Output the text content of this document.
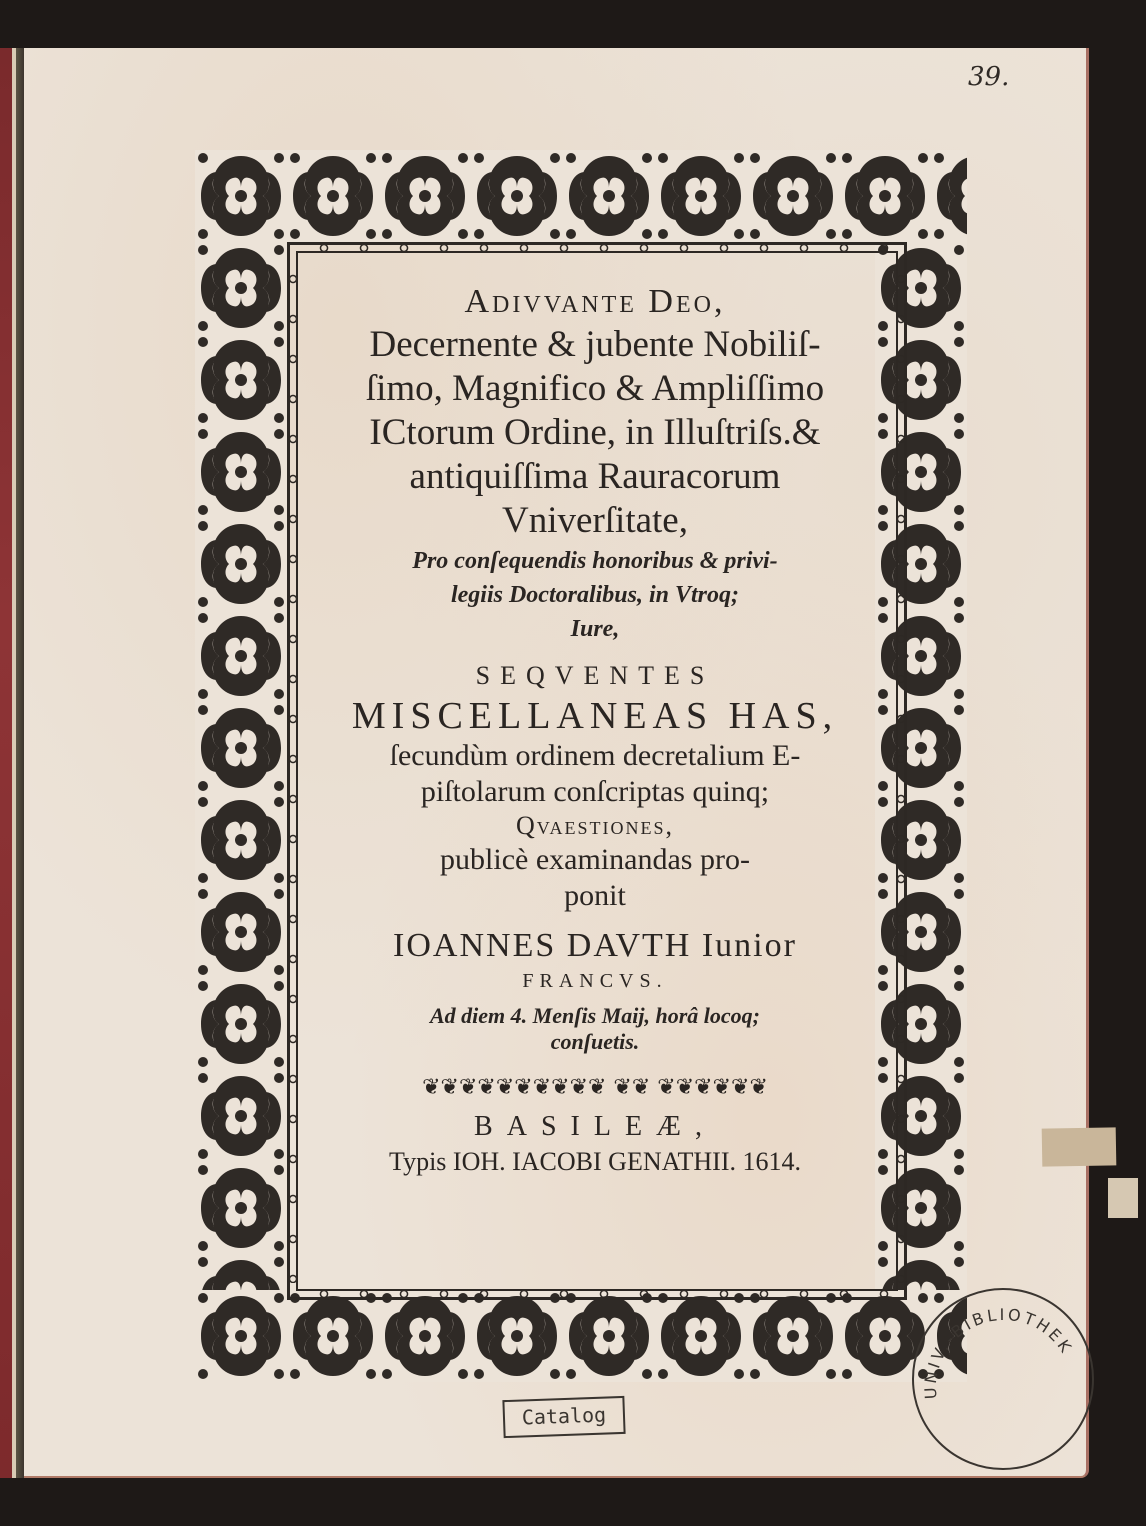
39.
Adivvante Deo,
Decernente & jubente Nobiliſ-
ſimo, Magnifico & Ampliſſimo
ICtorum Ordine, in Illuſtriſs.&
antiquiſſima Rauracorum
Vniverſitate,
Pro conſequendis honoribus & privi-
legiis Doctoralibus, in Vtroq;
Iure,
SEQVENTES
MISCELLANEAS HAS,
ſecundùm ordinem decretalium E-
piſtolarum conſcriptas quinq;
Qvaestiones,
publicè examinandas pro-
ponit
IOANNES DAVTH Iunior
FRANCVS.
Ad diem 4. Menſis Maij, horâ locoq;
conſuetis.
❦❦❦❦❦❦❦❦❦❦ ❦❦ ❦❦❦❦❦❦
BASILEÆ,
Typis IOH. IACOBI GENATHII. 1614.
Catalog
UNIV.-BIBLIOTHEK
